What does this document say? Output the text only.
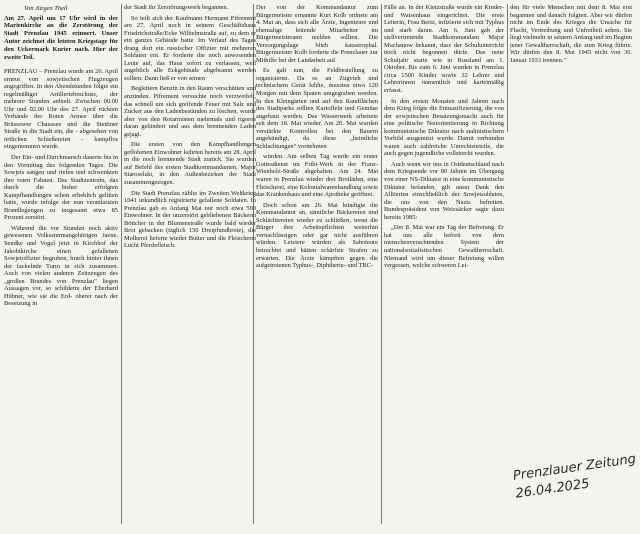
Von Jürgen Theil
Am 27. April um 17 Uhr wird in der Marienkirche an die Zerstörung der Stadt Prenzlau 1945 erinnert. Unser Autor zeichnet die letzten Kriegstage für den Uckermark Kurier nach. Hier der zweite Teil.

PRENZLAU – Prenzlau wurde am 26. April erneut von sowjetischen Flugzeugen angegriffen. In den Abendstunden folgte ein regelmäßiger Artilleriebeschuss, der mehrere Stunden anhielt. Zwischen 00.00 Uhr und 02.00 Uhr des 27. April rückten Verbände der Roten Armee über die Brüssower Chaussee und die Stettiner Straße in die Stadt ein, die - abgesehen von örtlichen Schießereien - kampflos eingenommen wurde.

Der Ein- und Durchmarsch dauerte bis in den Vormittag des folgenden Tages. Die Sowjets sangen und riefen und schwenkten ihre roten Fahnen. Das Stadtzentrum, das durch die bisher erfolgten Kampfhandlungen schon erheblich gelitten hatte, wurde infolge der nun veranlassten Brandlegungen zu insgesamt etwa 85 Prozent zerstört.

Während die vor Stunden noch aktiv gewesenen Volkssturmangehörigen Jaene, Sendke und Vogel jetzt in Kirchhof der Jakobikirche einen gefallenen Sowjetoffizier begruben, brach hinter ihnen der fackelnde Turm in sich zusammen. Auch von vielen anderen Zeitzeugen des „großen Brandes von Prenzlau" liegen Aussagen vor, so schilderte der Eberhard Hübner, wie sie die Erd- oberer nach der Besetzung in

der Stadt ihr Zerstörungswerk begannen.

So teilt sich der Kaufmann Hermann Pifrement am 27. April noch in seinem Geschäftshaus Friedrichstraße/Ecke Wilhelmstraße auf, zu dem er ein ganzes Gebäude hatte. Im Verlauf des Tages drang dort ein russischer Offizier mit mehreren Soldaten ein. Er forderte die noch anwesenden Leute auf, das Haus sofort zu verlassen, weil angeblich alle Eckgebäude abgebrannt werden sollten. Dann ließ er von seinen

Begleitern Benzin in den Raum verschütten und anzünden. Pifrement versuchte noch verzweifelt, das schnell um sich greifende Feuer mit Salz und Zucker aus den Ladenbeständen zu löschen, wurde aber von den Rotarmisten mehrmals und rigoros daran gehindert und aus dem brennenden Laden gejagt.

Die ersten von den Kampfhandlungen geflohenen Einwohner kehrten bereits am 28. April in die noch brennende Stadt zurück. Sie wurden auf Befehl des ersten Stadtkommandanten, Major Staroselski, in den Außenbezirken der Stadt zusammengezogen.

Die Stadt Prenzlau zählte im Zweiten Weltkrieg 1041 urkundlich registrierte gefallene Soldaten. In Prenzlau gab es Anfang Mai nur noch etwa 500 Einwohner. In der unzerstört gebliebenen Bäckerei Böttcher in der Blumenstraße wurde bald wieder Brot gebacken (täglich 150 Dreipfundbrote), die Molkerei lieferte wieder Butter und die Fleischerei Lucht Pferdefleisch.

Der von der Kommandantur zum Bürgermeister ernannte Kurt Kolb ordnete am 4. Mai an, dass sich alle Ärzte, Ingenieure und ehemalige leitende Mitarbeiter im Bürgermeisteramt melden sollten. Die Versorgungslage blieb katastrophal. Bürgermeister Kolb forderte die Prenzlauer zur Mithilfe bei der Landarbeit auf.

Es galt nun, die Feldbestellung zu organisieren. Da es an Zugvieh und technischem Gerät fehlte, mussten etwa 120 Morgen mit dem Spaten umgegraben werden. In den Kleingärten und auf den Randflächen des Stadtparks sollten Kartoffeln und Gemüse angebaut werden. Das Wasserwerk arbeitete seit dem 18. Mai wieder. Am 20. Mai wurden verstärkte Kontrollen bei den Bauern angekündigt, da diese „heimliche Schlachtungen" vornehmen

würden. Am selben Tag wurde ein erster Gottesdienst im Fribi-Werk in der Franz-Wienholz-Straße abgehalten. Am 24. Mai waren in Prenzlau wieder drei Brotläden, eine Fleischerei, eine Kolonialwarenhandlung sowie das Krankenhaus und eine Apotheke geöffnet.

Doch schon am 26. Mai kündigte die Kommandantur an, sämtliche Bäckereien und Schlächtereien wieder zu schließen, wenn die Bürger ihre Arbeitspflichten weiterhin vernachlässigen oder gar nicht ausführen würden. Letztere würden als Saboteure betrachtet und hätten schärfste Strafen zu erwarten. Die Ärzte kämpften gegen die aufgetretenen Typhus-, Diphtherie- und TBC-

Fälle an. In der Kietzstraße wurde ein Kinder- und Waisenhaus eingerichtet. Die erste Leiterin, Frau Bertz, infizierte sich mit Typhus und starb daran. Am 6. Juni gab der stellvertretende Stadtkommandant Major Muchanow bekannt, dass der Schulunterricht noch nicht begonnen dürfe. Das neue Schuljahr starte wie in Russland am 1. Oktober. Bis zum 6. Juni wurden in Prenzlau circa 1500 Kinder sowie 32 Lehrer und Lehrerinnen namentlich und karteimäßig erfasst.

In den ersten Monaten und Jahren nach dem Krieg folgte die Entnazifizierung, die von der sowjetischen Besatzungsmacht auch für eine politische Neuorientierung in Richtung kommunistische Diktatur nach stalinistischem Vorbild ausgenutzt wurde. Damit verbunden waren auch zahlreiche Unrechtsurteile, die auch gegen jugendliche vollstreckt wurden.

Auch wenn wir uns in Ostdeutschland nach dem Kriegsende vor 80 Jahren im Übergang von einer NS-Diktatur in eine kommunistische Diktatur befanden, gilt unser Dank den Alliierten einschließlich der Sowjetsoldaten, die uns von den Nazis befreiten. Bundespräsident von Weizsäcker sagte dazu bereits 1985:

„Der 8. Mai war ein Tag der Befreiung. Er hat uns alle befreit von dem menschenverachtenden System der nationalsozialistischen Gewaltherrschaft. Niemand wird um dieser Befreiung willen vergessen, welche schweren Lei-

den für viele Menschen mit dem 8. Mai erst begannen und danach folgten. Aber wir dürfen nicht im Ende des Krieges die Ursache für Flucht, Vertreibung und Unfreiheit sehen. Sie liegt vielmehr in seinem Anfang und im Beginn jener Gewaltherrschaft, die zum Krieg führte. Wir dürfen den 8. Mai 1945 nicht von 30. Januar 1933 trennen."

Prenzlauer Zeitung
26.04.2025
